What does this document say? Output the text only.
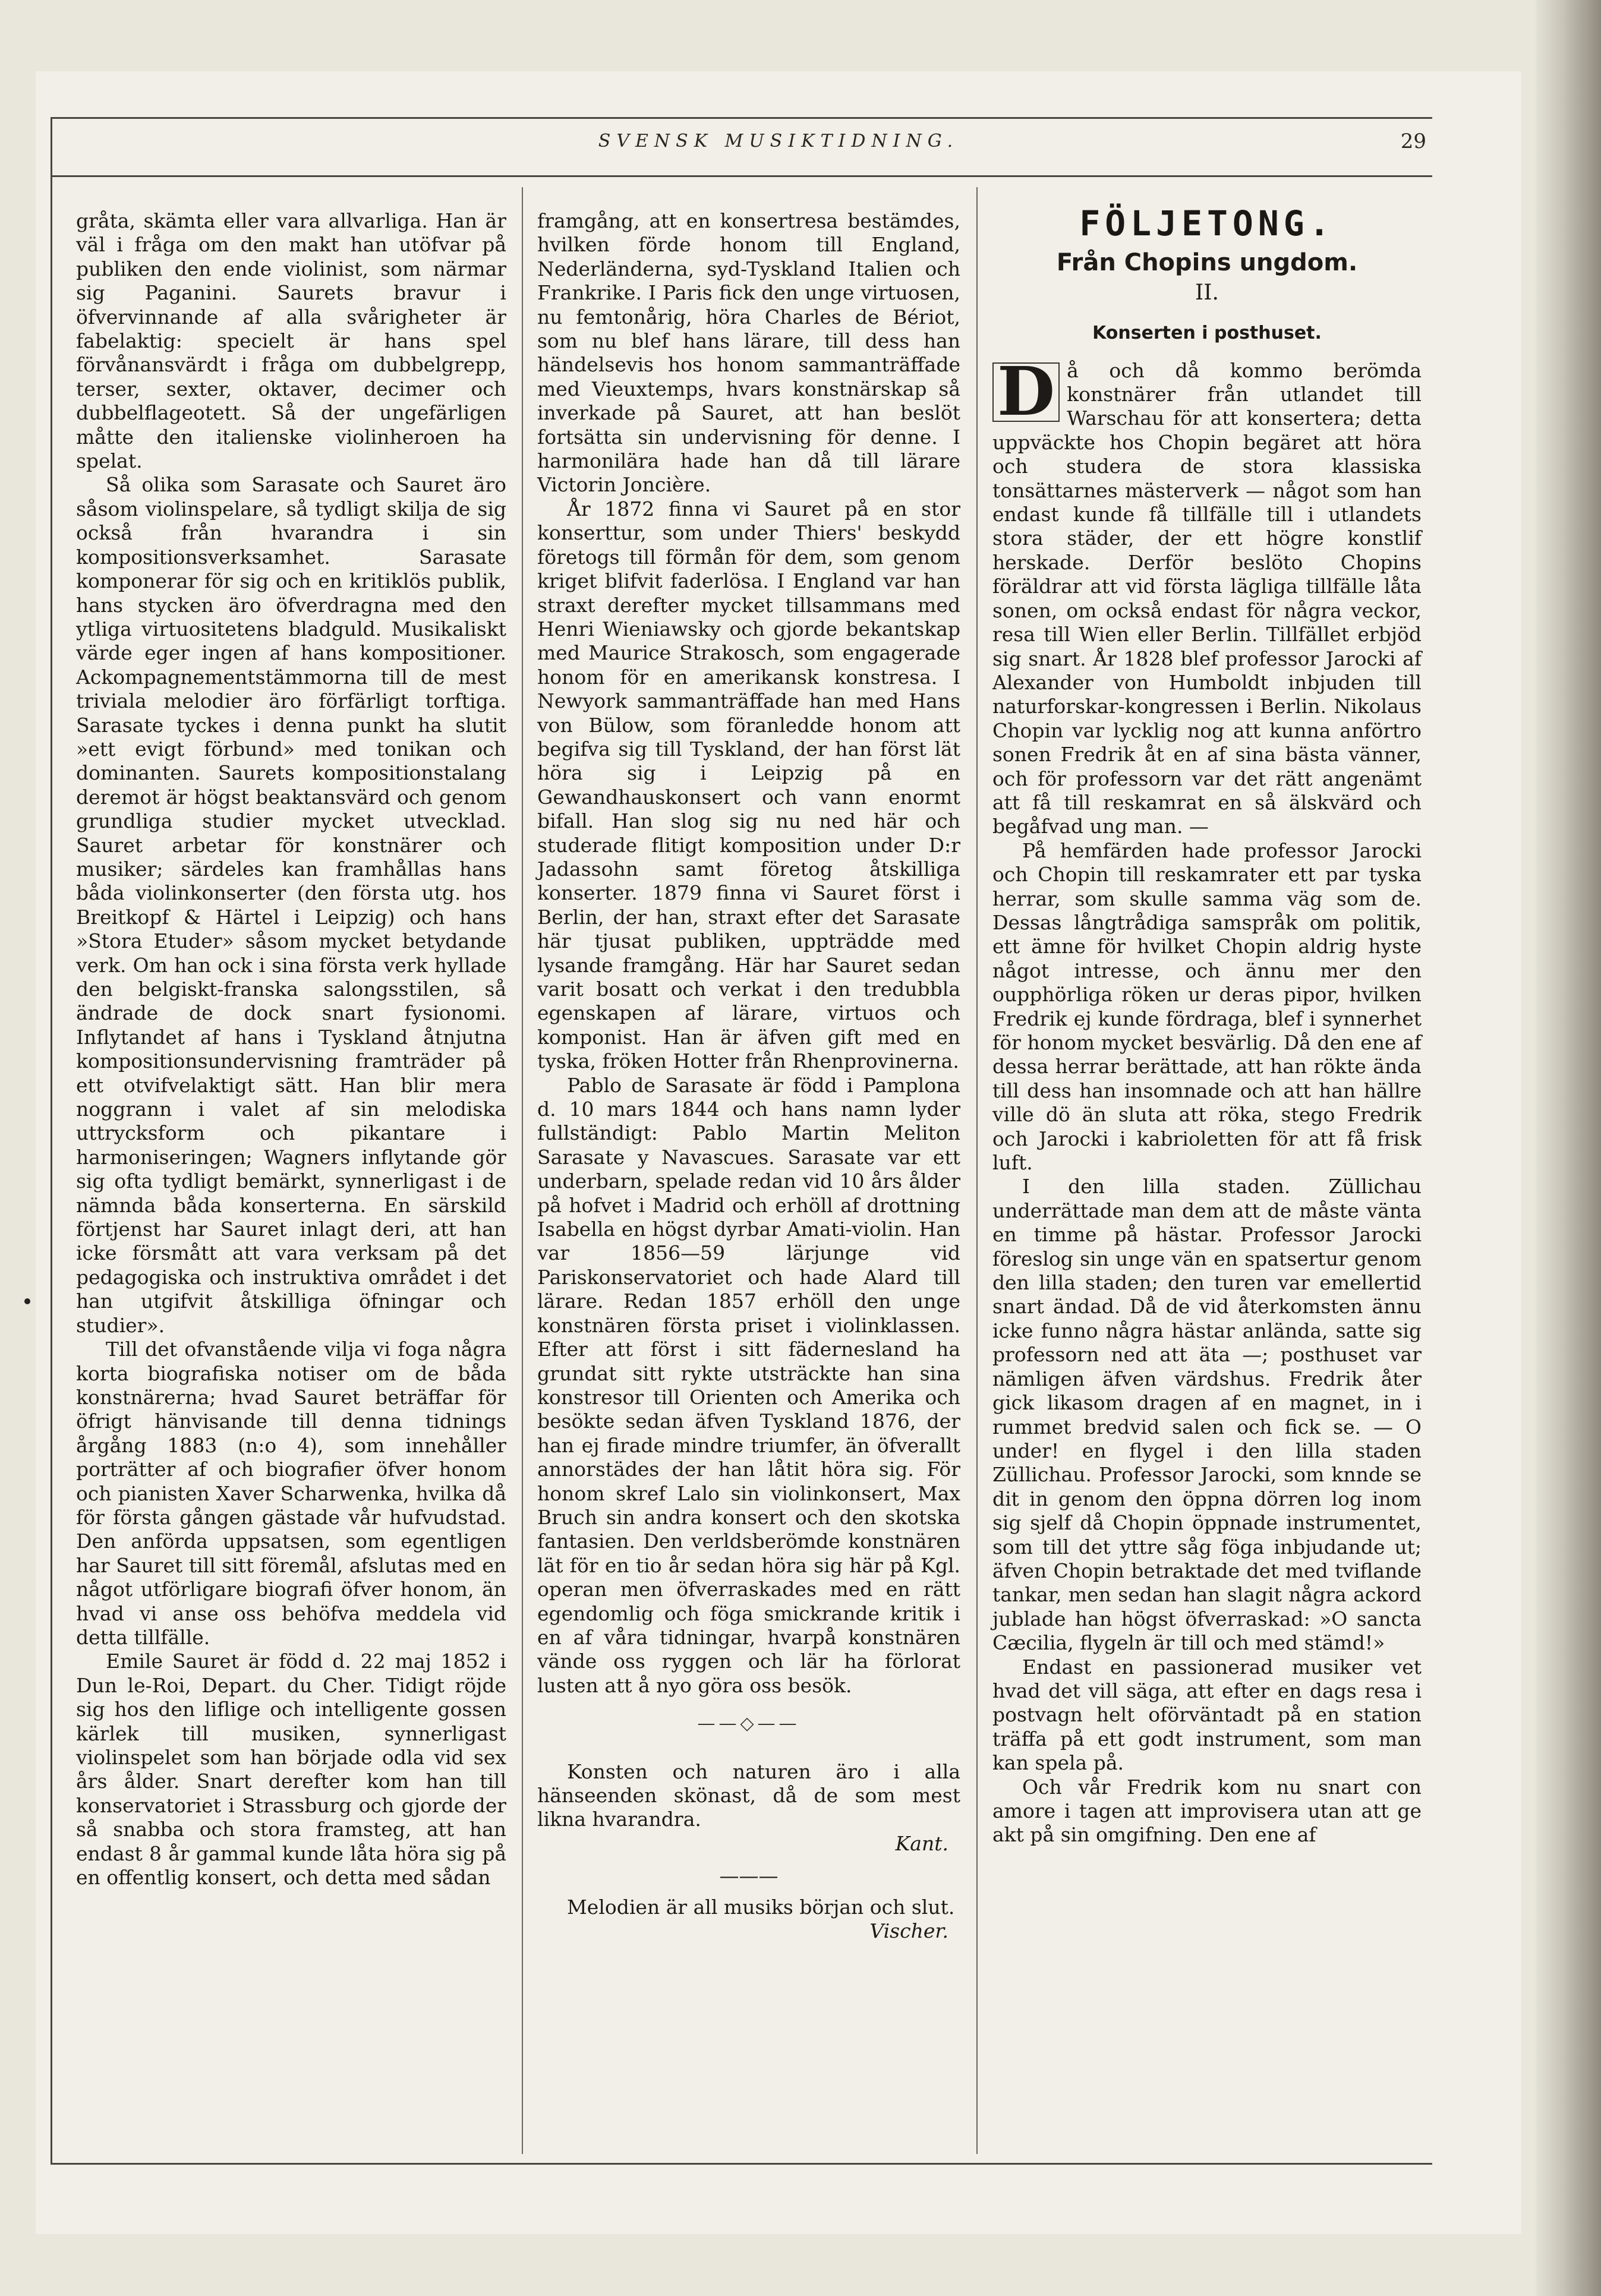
SVENSK MUSIKTIDNING.	29

gråta, skämta eller vara allvarliga. Han är väl i fråga om den makt han utöfvar på publiken den ende violinist, som närmar sig Paganini. Saurets bravur i öfvervinnande af alla svårigheter är fabelaktig: specielt är hans spel förvånansvärdt i fråga om dubbelgrepp, terser, sexter, oktaver, decimer och dubbelflageotett. Så der ungefärligen måtte den italienske violinheroen ha spelat.

Så olika som Sarasate och Sauret äro såsom violinspelare, så tydligt skilja de sig också från hvarandra i sin kompositionsverksamhet. Sarasate komponerar för sig och en kritiklös publik, hans stycken äro öfverdragna med den ytliga virtuositetens bladguld. Musikaliskt värde eger ingen af hans kompositioner. Ackompagnementstämmorna till de mest triviala melodier äro förfärligt torftiga. Sarasate tyckes i denna punkt ha slutit »ett evigt förbund» med tonikan och dominanten. Saurets kompositionstalang deremot är högst beaktansvärd och genom grundliga studier mycket utvecklad. Sauret arbetar för konstnärer och musiker; särdeles kan framhållas hans båda violinkonserter (den första utg. hos Breitkopf & Härtel i Leipzig) och hans »Stora Etuder» såsom mycket betydande verk. Om han ock i sina första verk hyllade den belgiskt-franska salongsstilen, så ändrade de dock snart fysionomi. Inflytandet af hans i Tyskland åtnjutna kompositionsundervisning framträder på ett otvifvelaktigt sätt. Han blir mera noggrann i valet af sin melodiska uttrycksform och pikantare i harmoniseringen; Wagners inflytande gör sig ofta tydligt bemärkt, synnerligast i de nämnda båda konserterna. En särskild förtjenst har Sauret inlagt deri, att han icke försmått att vara verksam på det pedagogiska och instruktiva området i det han utgifvit åtskilliga öfningar och studier».

Till det ofvanstående vilja vi foga några korta biografiska notiser om de båda konstnärerna; hvad Sauret beträffar för öfrigt hänvisande till denna tidnings årgång 1883 (n:o 4), som innehåller porträtter af och biografier öfver honom och pianisten Xaver Scharwenka, hvilka då för första gången gästade vår hufvudstad. Den anförda uppsatsen, som egentligen har Sauret till sitt föremål, afslutas med en något utförligare biografi öfver honom, än hvad vi anse oss behöfva meddela vid detta tillfälle.

Emile Sauret är född d. 22 maj 1852 i Dun le-Roi, Depart. du Cher. Tidigt röjde sig hos den liflige och intelligente gossen kärlek till musiken, synnerligast violinspelet som han började odla vid sex års ålder. Snart derefter kom han till konservatoriet i Strassburg och gjorde der så snabba och stora framsteg, att han endast 8 år gammal kunde låta höra sig på en offentlig konsert, och detta med sådan

framgång, att en konsertresa bestämdes, hvilken förde honom till England, Nederländerna, syd-Tyskland Italien och Frankrike. I Paris fick den unge virtuosen, nu femtonårig, höra Charles de Bériot, som nu blef hans lärare, till dess han händelsevis hos honom sammanträffade med Vieuxtemps, hvars konstnärskap så inverkade på Sauret, att han beslöt fortsätta sin undervisning för denne. I harmonilära hade han då till lärare Victorin Joncière.

År 1872 finna vi Sauret på en stor konserttur, som under Thiers' beskydd företogs till förmån för dem, som genom kriget blifvit faderlösa. I England var han straxt derefter mycket tillsammans med Henri Wieniawsky och gjorde bekantskap med Maurice Strakosch, som engagerade honom för en amerikansk konstresa. I Newyork sammanträffade han med Hans von Bülow, som föranledde honom att begifva sig till Tyskland, der han först lät höra sig i Leipzig på en Gewandhauskonsert och vann enormt bifall. Han slog sig nu ned här och studerade flitigt komposition under D:r Jadassohn samt företog åtskilliga konserter. 1879 finna vi Sauret först i Berlin, der han, straxt efter det Sarasate här tjusat publiken, uppträdde med lysande framgång. Här har Sauret sedan varit bosatt och verkat i den tredubbla egenskapen af lärare, virtuos och komponist. Han är äfven gift med en tyska, fröken Hotter från Rhenprovinerna.

Pablo de Sarasate är född i Pamplona d. 10 mars 1844 och hans namn lyder fullständigt: Pablo Martin Meliton Sarasate y Navascues. Sarasate var ett underbarn, spelade redan vid 10 års ålder på hofvet i Madrid och erhöll af drottning Isabella en högst dyrbar Amati-violin. Han var 1856—59 lärjunge vid Pariskonservatoriet och hade Alard till lärare. Redan 1857 erhöll den unge konstnären första priset i violinklassen. Efter att först i sitt fädernesland ha grundat sitt rykte utsträckte han sina konstresor till Orienten och Amerika och besökte sedan äfven Tyskland 1876, der han ej firade mindre triumfer, än öfverallt annorstädes der han låtit höra sig. För honom skref Lalo sin violinkonsert, Max Bruch sin andra konsert och den skotska fantasien. Den verldsberömde konstnären lät för en tio år sedan höra sig här på Kgl. operan men öfverraskades med en rätt egendomlig och föga smickrande kritik i en af våra tidningar, hvarpå konstnären vände oss ryggen och lär ha förlorat lusten att å nyo göra oss besök.

——◇——

Konsten och naturen äro i alla hänseenden skönast, då de som mest likna hvarandra.

Kant.
———

Melodien är all musiks början och slut.

Vischer.
FÖLJETONG.
Från Chopins ungdom.
II.
Konserten i posthuset.

D å och då kommo berömda konstnärer från utlandet till Warschau för att konsertera; detta uppväckte hos Chopin begäret att höra och studera de stora klassiska tonsättarnes mästerverk — något som han endast kunde få tillfälle till i utlandets stora städer, der ett högre konstlif herskade. Derför beslöto Chopins föräldrar att vid första lägliga tillfälle låta sonen, om också endast för några veckor, resa till Wien eller Berlin. Tillfället erbjöd sig snart. År 1828 blef professor Jarocki af Alexander von Humboldt inbjuden till naturforskar-kongressen i Berlin. Nikolaus Chopin var lycklig nog att kunna anförtro sonen Fredrik åt en af sina bästa vänner, och för professorn var det rätt angenämt att få till reskamrat en så älskvärd och begåfvad ung man. —

På hemfärden hade professor Jarocki och Chopin till reskamrater ett par tyska herrar, som skulle samma väg som de. Dessas långtrådiga samspråk om politik, ett ämne för hvilket Chopin aldrig hyste något intresse, och ännu mer den oupphörliga röken ur deras pipor, hvilken Fredrik ej kunde fördraga, blef i synnerhet för honom mycket besvärlig. Då den ene af dessa herrar berättade, att han rökte ända till dess han insomnade och att han hällre ville dö än sluta att röka, stego Fredrik och Jarocki i kabrioletten för att få frisk luft.

I den lilla staden. Züllichau underrättade man dem att de måste vänta en timme på hästar. Professor Jarocki föreslog sin unge vän en spatsertur genom den lilla staden; den turen var emellertid snart ändad. Då de vid återkomsten ännu icke funno några hästar anlända, satte sig professorn ned att äta —; posthuset var nämligen äfven värdshus. Fredrik åter gick likasom dragen af en magnet, in i rummet bredvid salen och fick se. — O under! en flygel i den lilla staden Züllichau. Professor Jarocki, som knnde se dit in genom den öppna dörren log inom sig sjelf då Chopin öppnade instrumentet, som till det yttre såg föga inbjudande ut; äfven Chopin betraktade det med tviflande tankar, men sedan han slagit några ackord jublade han högst öfverraskad: »O sancta Cæcilia, flygeln är till och med stämd!»

Endast en passionerad musiker vet hvad det vill säga, att efter en dags resa i postvagn helt oförväntadt på en station träffa på ett godt instrument, som man kan spela på.

Och vår Fredrik kom nu snart con amore i tagen att improvisera utan att ge akt på sin omgifning. Den ene af
